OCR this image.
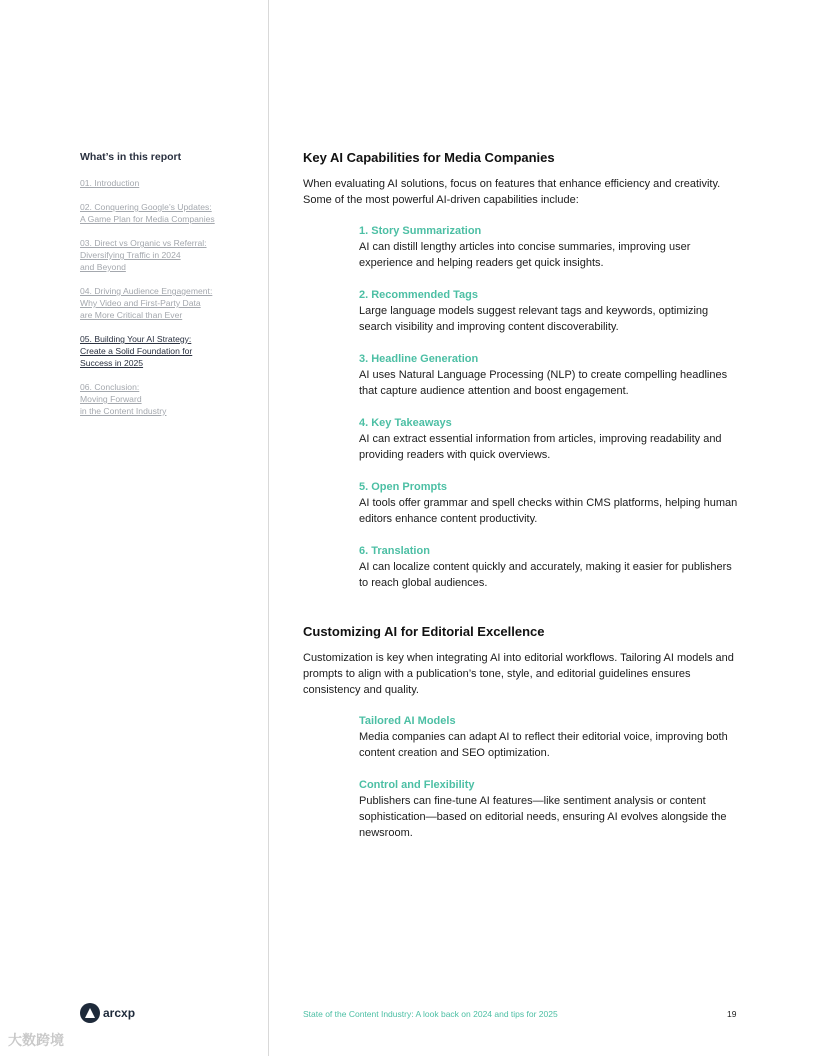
What’s in this report
01. Introduction
02. Conquering Google’s Updates:
A Game Plan for Media Companies
03. Direct vs Organic vs Referral:
Diversifying Traffic in 2024
and Beyond
04. Driving Audience Engagement:
Why Video and First-Party Data
are More Critical than Ever
05. Building Your AI Strategy:
Create a Solid Foundation for
Success in 2025
06. Conclusion:
Moving Forward
in the Content Industry
Key AI Capabilities for Media Companies

When evaluating AI solutions, focus on features that enhance efficiency and creativity. Some of the most powerful AI-driven capabilities include:

1. Story Summarization
AI can distill lengthy articles into concise summaries, improving user experience and helping readers get quick insights.
2. Recommended Tags
Large language models suggest relevant tags and keywords, optimizing search visibility and improving content discoverability.
3. Headline Generation
AI uses Natural Language Processing (NLP) to create compelling headlines that capture audience attention and boost engagement.
4. Key Takeaways
AI can extract essential information from articles, improving readability and providing readers with quick overviews.
5. Open Prompts
AI tools offer grammar and spell checks within CMS platforms, helping human editors enhance content productivity.
6. Translation
AI can localize content quickly and accurately, making it easier for publishers to reach global audiences.
Customizing AI for Editorial Excellence

Customization is key when integrating AI into editorial workflows. Tailoring AI models and prompts to align with a publication’s tone, style, and editorial guidelines ensures consistency and quality.

Tailored AI Models
Media companies can adapt AI to reflect their editorial voice, improving both content creation and SEO optimization.
Control and Flexibility
Publishers can fine-tune AI features—like sentiment analysis or content sophistication—based on editorial needs, ensuring AI evolves alongside the newsroom.
arcxp	State of the Content Industry: A look back on 2024 and tips for 2025	19
大数跨境
